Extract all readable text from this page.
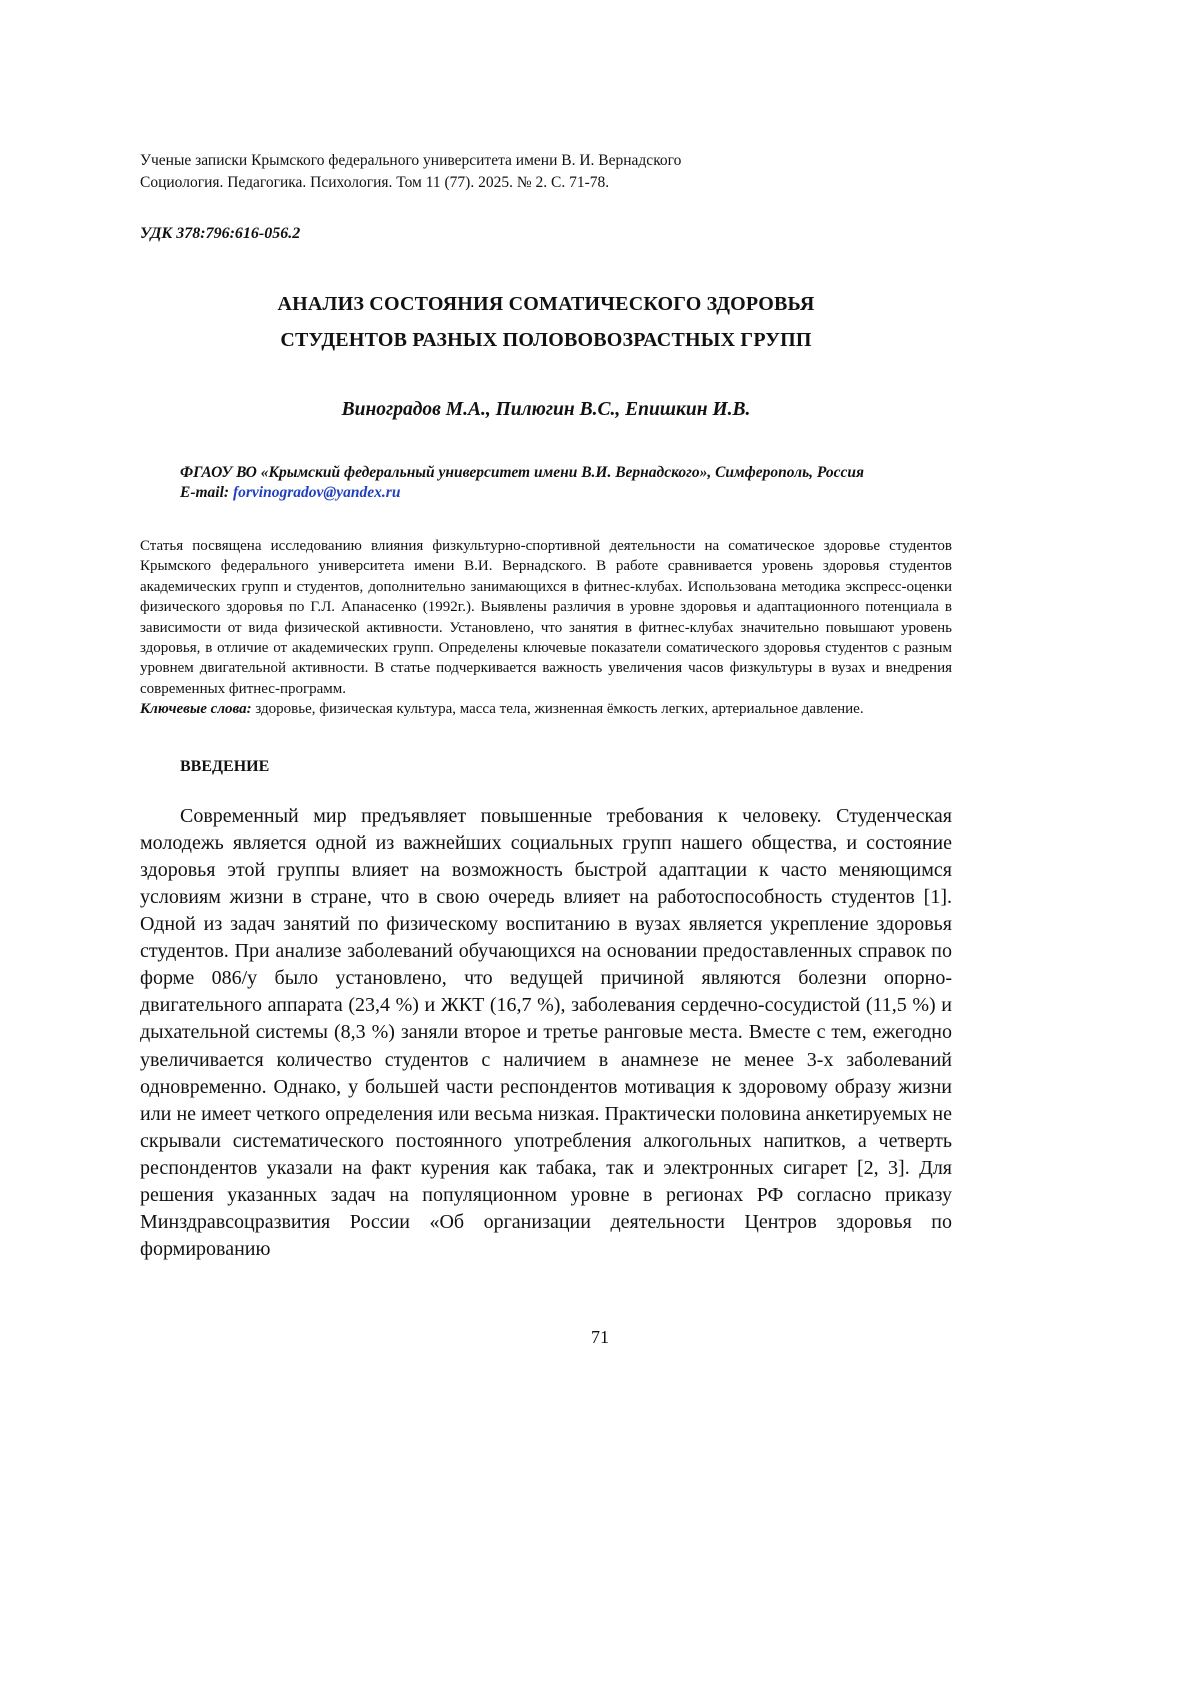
Ученые записки Крымского федерального университета имени В. И. Вернадского

Социология. Педагогика. Психология. Том 11 (77). 2025. № 2. С. 71-78.

УДК 378:796:616-056.2

АНАЛИЗ СОСТОЯНИЯ СОМАТИЧЕСКОГО ЗДОРОВЬЯ
СТУДЕНТОВ РАЗНЫХ ПОЛОВОВОЗРАСТНЫХ ГРУПП

Виноградов М.А., Пилюгин В.С., Епишкин И.В.

ФГАОУ ВО «Крымский федеральный университет имени В.И. Вернадского», Симферополь, Россия
E-mail: forvinogradov@yandex.ru

Статья посвящена исследованию влияния физкультурно-спортивной деятельности на соматическое здоровье студентов Крымского федерального университета имени В.И. Вернадского. В работе сравнивается уровень здоровья студентов академических групп и студентов, дополнительно занимающихся в фитнес-клубах. Использована методика экспресс-оценки физического здоровья по Г.Л. Апанасенко (1992г.). Выявлены различия в уровне здоровья и адаптационного потенциала в зависимости от вида физической активности. Установлено, что занятия в фитнес-клубах значительно повышают уровень здоровья, в отличие от академических групп. Определены ключевые показатели соматического здоровья студентов с разным уровнем двигательной активности. В статье подчеркивается важность увеличения часов физкультуры в вузах и внедрения современных фитнес-программ.

Ключевые слова: здоровье, физическая культура, масса тела, жизненная ёмкость легких, артериальное давление.

ВВЕДЕНИЕ

Современный мир предъявляет повышенные требования к человеку. Студенческая молодежь является одной из важнейших социальных групп нашего общества, и состояние здоровья этой группы влияет на возможность быстрой адаптации к часто меняющимся условиям жизни в стране, что в свою очередь влияет на работоспособность студентов [1]. Одной из задач занятий по физическому воспитанию в вузах является укрепление здоровья студентов. При анализе заболеваний обучающихся на основании предоставленных справок по форме 086/у было установлено, что ведущей причиной являются болезни опорно-двигательного аппарата (23,4 %) и ЖКТ (16,7 %), заболевания сердечно-сосудистой (11,5 %) и дыхательной системы (8,3 %) заняли второе и третье ранговые места. Вместе с тем, ежегодно увеличивается количество студентов с наличием в анамнезе не менее 3-х заболеваний одновременно. Однако, у большей части респондентов мотивация к здоровому образу жизни или не имеет четкого определения или весьма низкая. Практически половина анкетируемых не скрывали систематического постоянного употребления алкогольных напитков, а четверть респондентов указали на факт курения как табака, так и электронных сигарет [2, 3]. Для решения указанных задач на популяционном уровне в регионах РФ согласно приказу Минздравсоцразвития России «Об организации деятельности Центров здоровья по формированию

71
